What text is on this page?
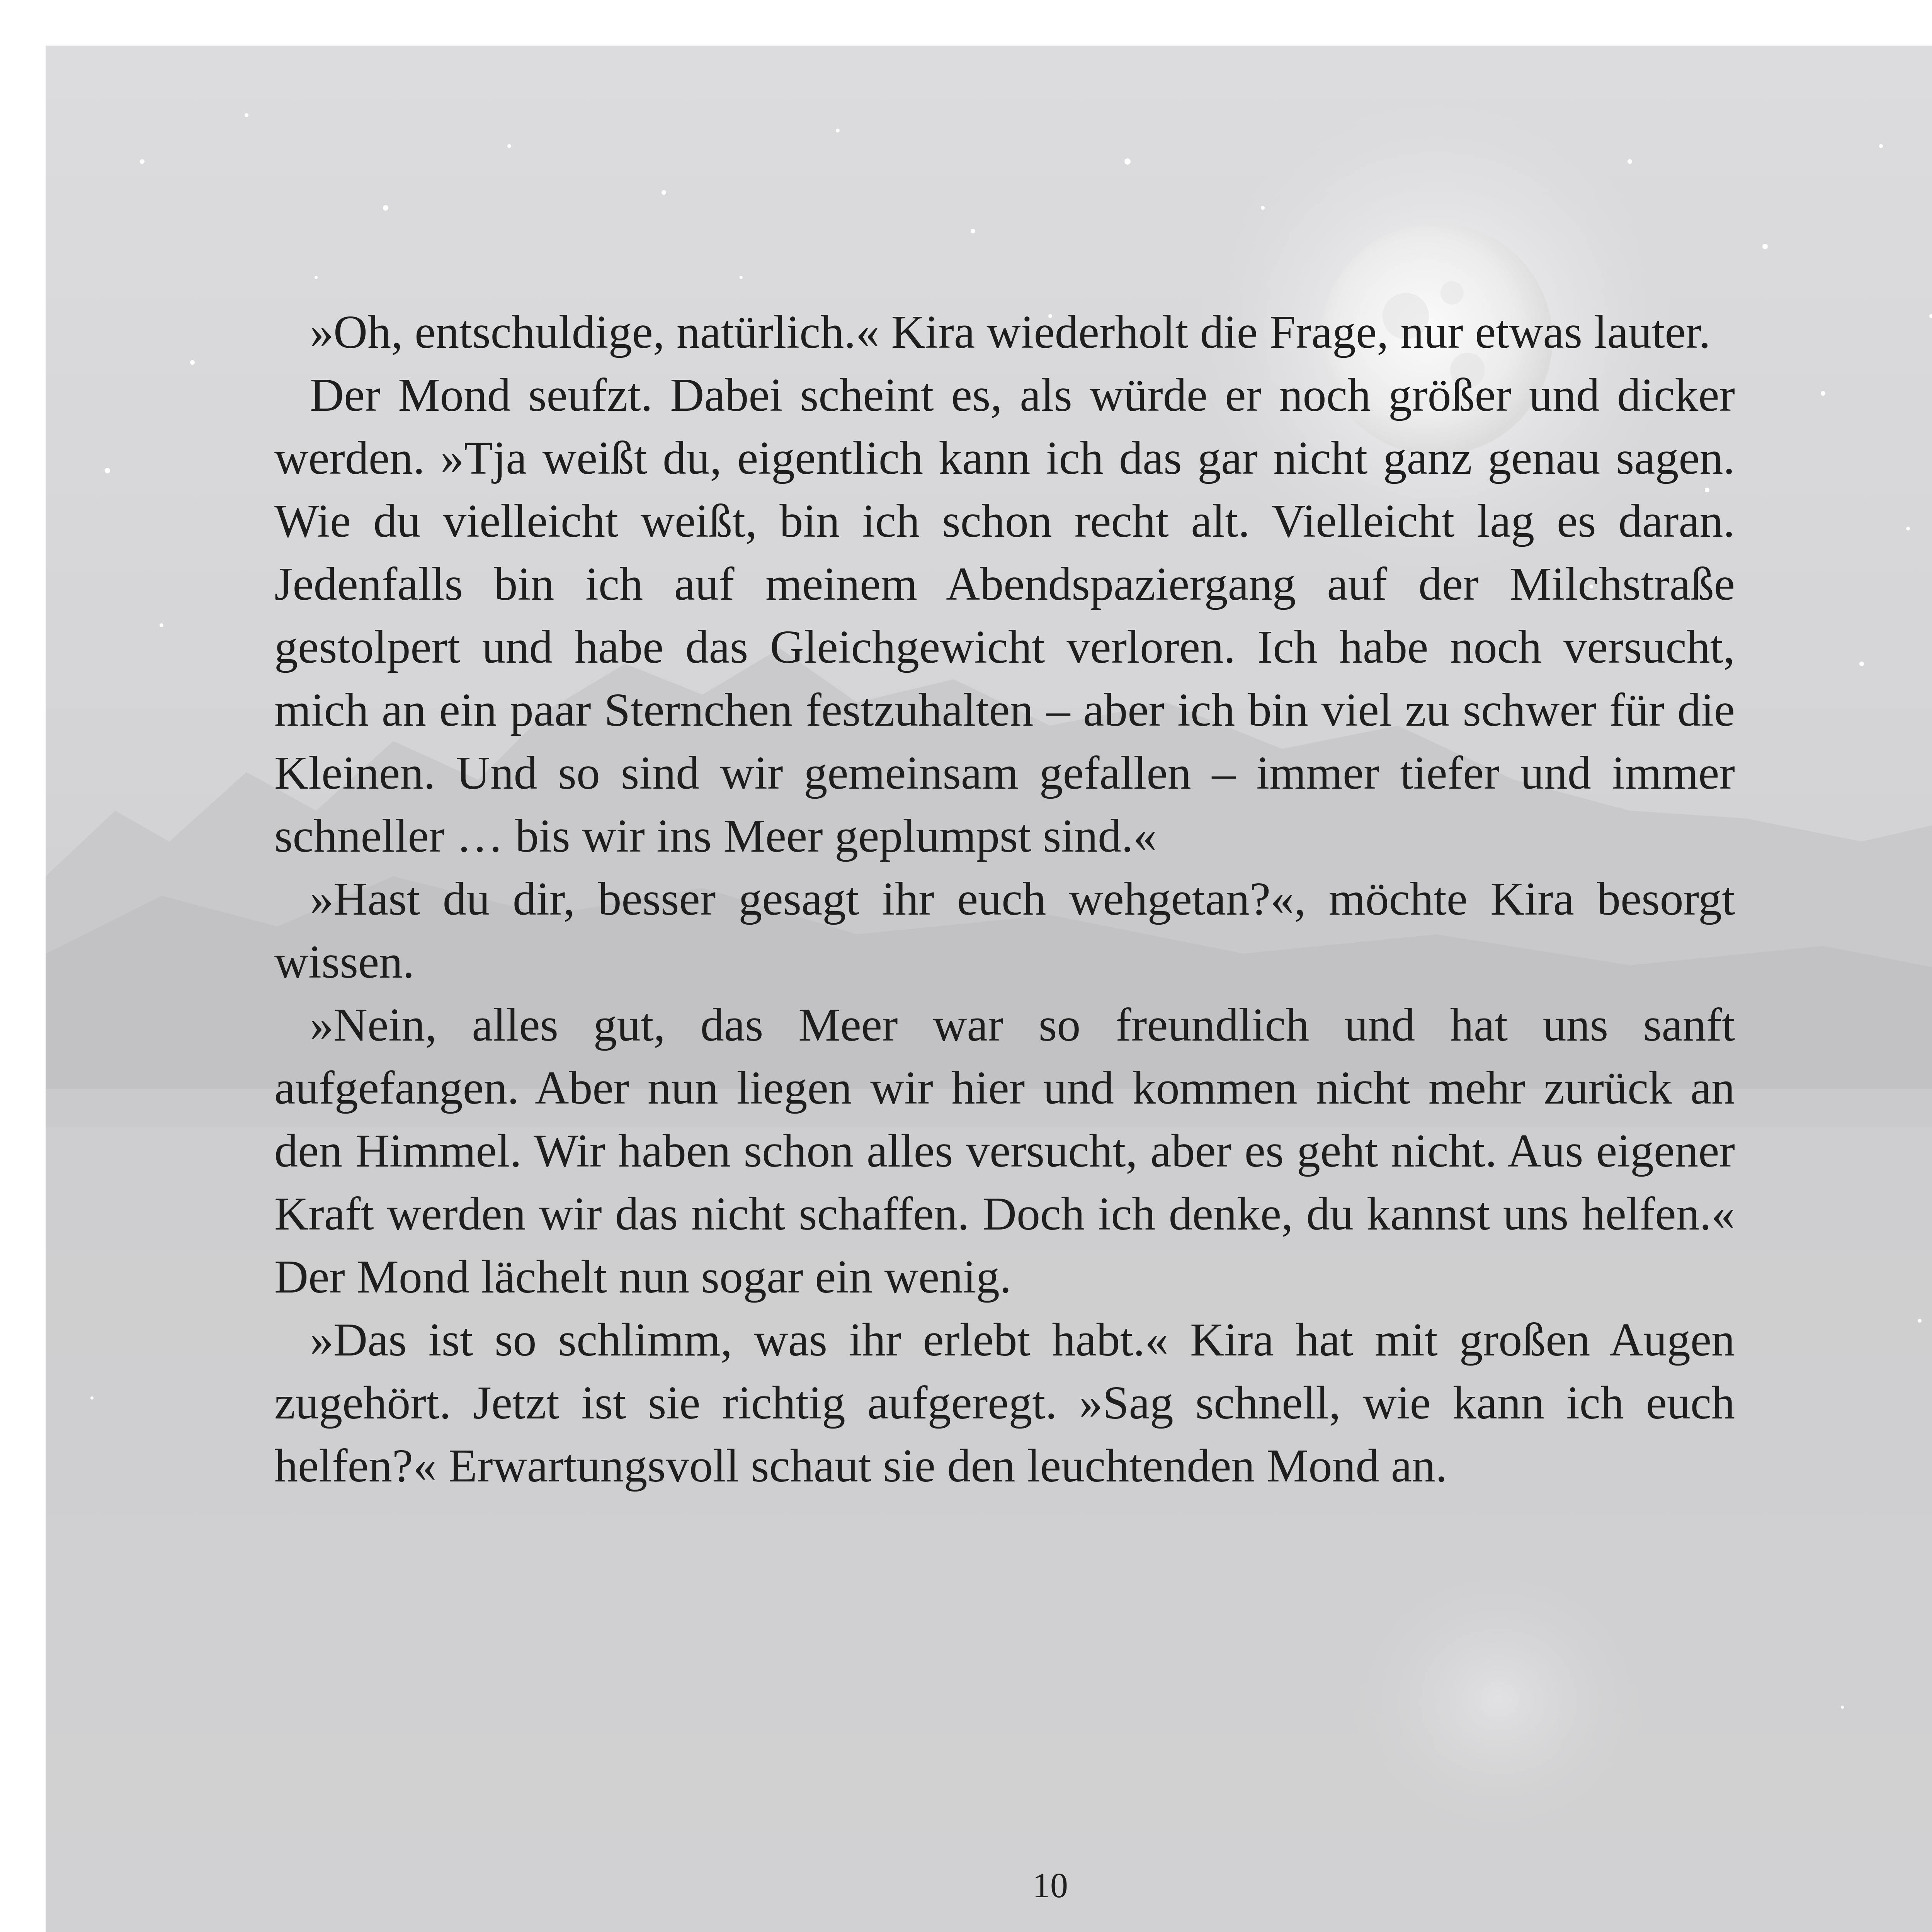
»Oh, entschuldige, natürlich.« Kira wiederholt die Frage, nur etwas lauter.

Der Mond seufzt. Dabei scheint es, als würde er noch größer und dicker werden. »Tja weißt du, eigentlich kann ich das gar nicht ganz genau sagen. Wie du vielleicht weißt, bin ich schon recht alt. Vielleicht lag es daran. Jedenfalls bin ich auf meinem Abendspaziergang auf der Milchstraße gestolpert und habe das Gleichgewicht verloren. Ich habe noch versucht, mich an ein paar Sternchen festzuhalten – aber ich bin viel zu schwer für die Kleinen. Und so sind wir gemeinsam gefallen – immer tiefer und immer schneller … bis wir ins Meer geplumpst sind.«

»Hast du dir, besser gesagt ihr euch wehgetan?«, möchte Kira besorgt wissen.

»Nein, alles gut, das Meer war so freundlich und hat uns sanft aufgefangen. Aber nun liegen wir hier und kommen nicht mehr zurück an den Himmel. Wir haben schon alles versucht, aber es geht nicht. Aus eigener Kraft werden wir das nicht schaffen. Doch ich denke, du kannst uns helfen.« Der Mond lächelt nun sogar ein wenig.

»Das ist so schlimm, was ihr erlebt habt.« Kira hat mit großen Augen zugehört. Jetzt ist sie richtig aufgeregt. »Sag schnell, wie kann ich euch helfen?« Erwartungsvoll schaut sie den leuchtenden Mond an.

10
